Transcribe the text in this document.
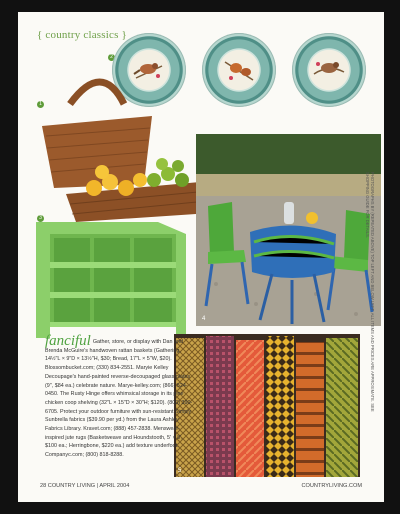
{ country classics }
2
1
4
3
5
fanciful Gather, store, or display with Dan and Brenda McGuire's handwoven rattan baskets (Gathering, 14½"L × 9"D × 13½"H, $30; Bread, 17"L × 5"W, $20). Blossombucket.com; (330) 834-2551. Maryie Kelley Decoupage's hand-painted reverse-decoupaged glass plates (9", $84 ea.) celebrate nature. Marye-kelley.com; (866) 524-0450. The Rusty Hinge offers whimsical storage in its pine chicken coop shelving (32"L × 15"D × 30"H; $120). (800) 390-6705. Protect your outdoor furniture with sun-resistant Simply Sunbrella fabrics ($39.90 per yd.) from the Laura Ashley Fabrics Library. Kravet.com; (888) 457-2838. Menswear-inspired jute rugs (Basketweave and Houndstooth, 5' × 8', $100 ea.; Herringbone, $220 ea.) add texture underfoot. Companyc.com; (800) 818-8288.
PHOTOGRAPHS BY (REPEATED ABOVE) TOP LEFT AND BELOW LEFT. ALL ITEMS AND PRICES ARE APPROXIMATE. SEE SHOPPING GUIDE FOR DETAILS.
28 COUNTRY LIVING | APRIL 2004	COUNTRYLIVING.COM
